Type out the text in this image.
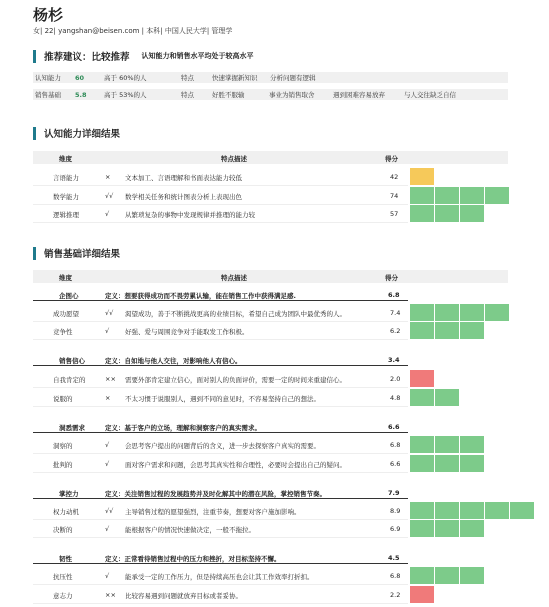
杨杉
女| 22| yangshan@beisen.com | 本科| 中国人民大学| 管理学
推荐建议：比较推荐 认知能力和销售水平均处于较高水平
认知能力 60	高于 60%的人	特点	快速掌握新知识 分析问题有逻辑
销售基础 5.8	高于 53%的人	特点	好胜不服输	事业为销售取舍	遇到困难容易放弃	与人交往缺乏自信
认知能力详细结果
维度	特点描述	得分
言语能力	× 文本加工、言语理解和书面表达能力较低	42
数学能力	√√ 数学相关任务和统计图表分析上表现出色	74
逻辑推理	√ 从繁琐复杂的事物中发现规律并推理的能力较	57
销售基础详细结果
维度	特点描述	得分
企图心	定义：想要获得成功而不畏劳累认输，能在销售工作中获得满足感.	6.8
成功愿望	√√ 渴望成功，善于不断挑战更高的业绩目标，希望自己成为团队中最优秀的人。	7.4
竞争性	√ 好强、爱与周围竞争对手能取发工作积极。	6.2
销售信心	定义：自如地与他人交往，对影响他人有信心。	3.4
自我肯定的	×× 需要外部肯定建立信心，面对别人的负面评价，需要一定的时间来重建信心。	2.0
说服的	× 不太习惯于说服别人，遇到不同的意见时，不容易坚持自己的想法。	4.8
洞悉需求	定义：基于客户的立场，理解和洞察客户的真实需求。	6.6
洞察的	√ 会思考客户提出的问题背后的含义，进一步去探察客户真实的需要。	6.8
批判的	√ 面对客户需求和问题，会思考其真实性和合理性，必要时会提出自己的疑问。	6.6
掌控力	定义：关注销售过程的发展趋势并及时化解其中的潜在风险，掌控销售节奏。	7.9
权力动机	√√ 主导销售过程的愿望强烈，注重节奏，想要对客户施加影响。	8.9
决断的	√ 能根据客户的情况快速做决定，一般不拖拉。	6.9
韧性	定义：正常看待销售过程中的压力和挫折，对目标坚持不懈。	4.5
抗压性	√ 能承受一定的工作压力，但是持续高压也会让其工作效率打折扣。	6.8
意志力	×× 比较容易遇到问题就放弃目标或者妥协。	2.2
